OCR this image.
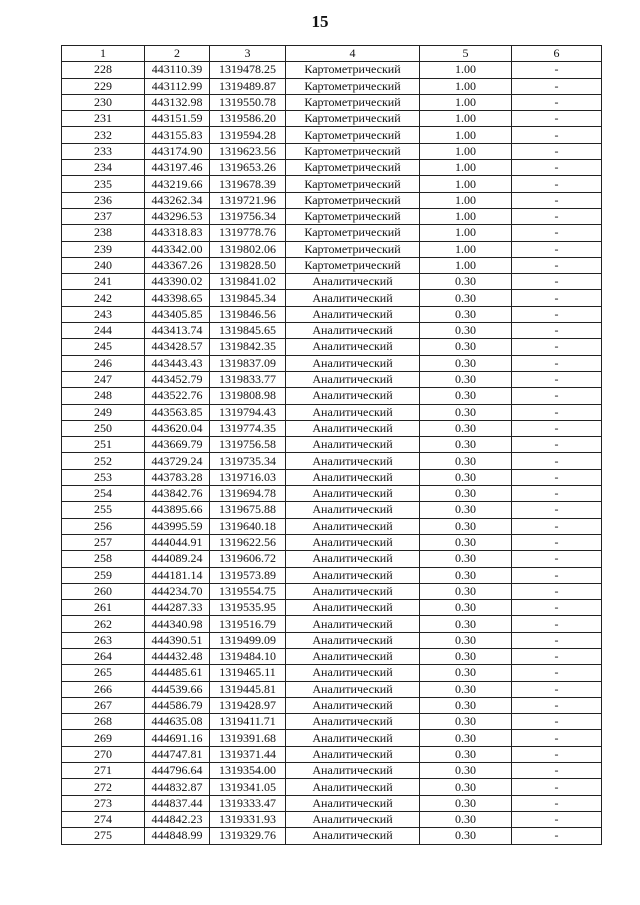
15
1	2	3	4	5	6
228	443110.39	1319478.25	Картометрический	1.00	-
229	443112.99	1319489.87	Картометрический	1.00	-
230	443132.98	1319550.78	Картометрический	1.00	-
231	443151.59	1319586.20	Картометрический	1.00	-
232	443155.83	1319594.28	Картометрический	1.00	-
233	443174.90	1319623.56	Картометрический	1.00	-
234	443197.46	1319653.26	Картометрический	1.00	-
235	443219.66	1319678.39	Картометрический	1.00	-
236	443262.34	1319721.96	Картометрический	1.00	-
237	443296.53	1319756.34	Картометрический	1.00	-
238	443318.83	1319778.76	Картометрический	1.00	-
239	443342.00	1319802.06	Картометрический	1.00	-
240	443367.26	1319828.50	Картометрический	1.00	-
241	443390.02	1319841.02	Аналитический	0.30	-
242	443398.65	1319845.34	Аналитический	0.30	-
243	443405.85	1319846.56	Аналитический	0.30	-
244	443413.74	1319845.65	Аналитический	0.30	-
245	443428.57	1319842.35	Аналитический	0.30	-
246	443443.43	1319837.09	Аналитический	0.30	-
247	443452.79	1319833.77	Аналитический	0.30	-
248	443522.76	1319808.98	Аналитический	0.30	-
249	443563.85	1319794.43	Аналитический	0.30	-
250	443620.04	1319774.35	Аналитический	0.30	-
251	443669.79	1319756.58	Аналитический	0.30	-
252	443729.24	1319735.34	Аналитический	0.30	-
253	443783.28	1319716.03	Аналитический	0.30	-
254	443842.76	1319694.78	Аналитический	0.30	-
255	443895.66	1319675.88	Аналитический	0.30	-
256	443995.59	1319640.18	Аналитический	0.30	-
257	444044.91	1319622.56	Аналитический	0.30	-
258	444089.24	1319606.72	Аналитический	0.30	-
259	444181.14	1319573.89	Аналитический	0.30	-
260	444234.70	1319554.75	Аналитический	0.30	-
261	444287.33	1319535.95	Аналитический	0.30	-
262	444340.98	1319516.79	Аналитический	0.30	-
263	444390.51	1319499.09	Аналитический	0.30	-
264	444432.48	1319484.10	Аналитический	0.30	-
265	444485.61	1319465.11	Аналитический	0.30	-
266	444539.66	1319445.81	Аналитический	0.30	-
267	444586.79	1319428.97	Аналитический	0.30	-
268	444635.08	1319411.71	Аналитический	0.30	-
269	444691.16	1319391.68	Аналитический	0.30	-
270	444747.81	1319371.44	Аналитический	0.30	-
271	444796.64	1319354.00	Аналитический	0.30	-
272	444832.87	1319341.05	Аналитический	0.30	-
273	444837.44	1319333.47	Аналитический	0.30	-
274	444842.23	1319331.93	Аналитический	0.30	-
275	444848.99	1319329.76	Аналитический	0.30	-
